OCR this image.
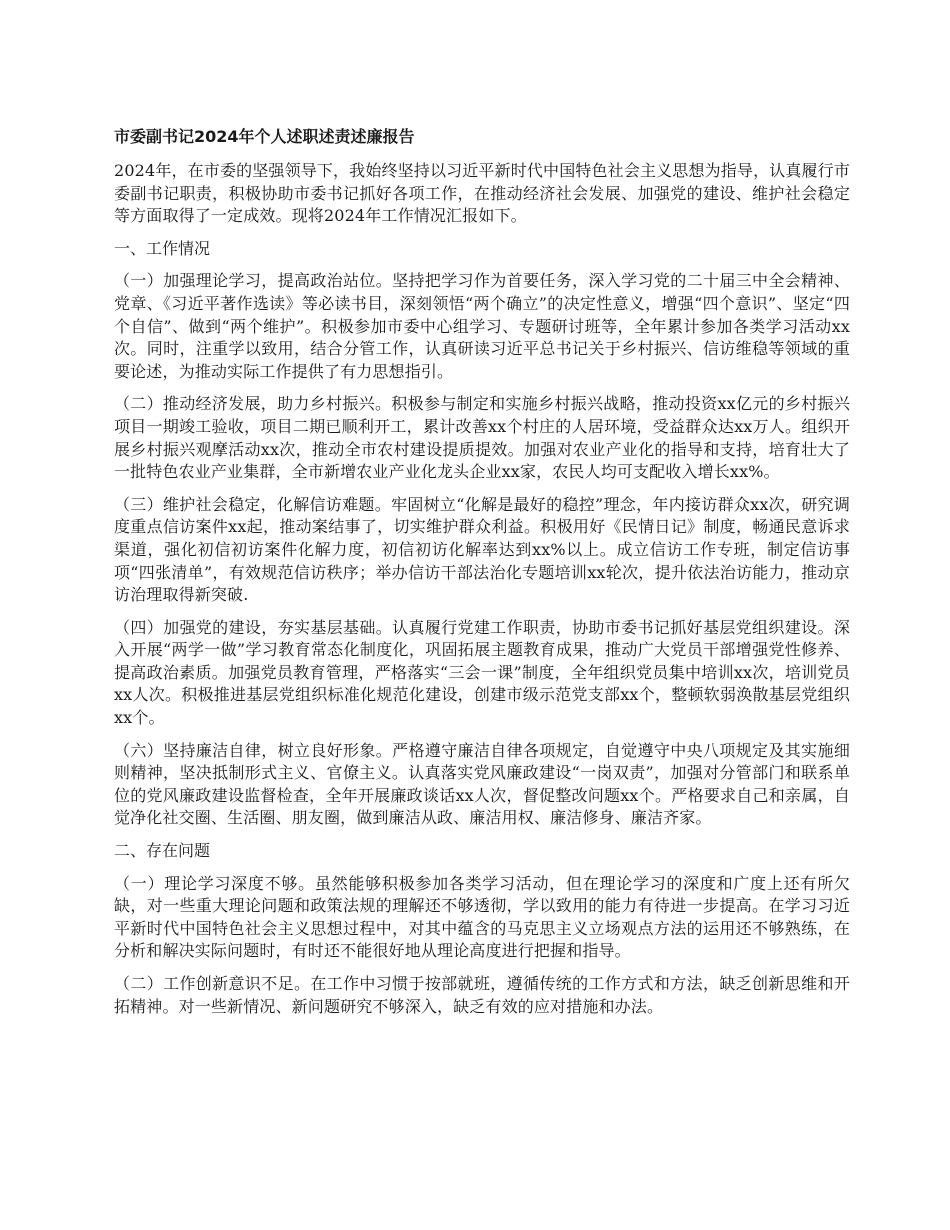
市委副书记2024年个人述职述责述廉报告

2024年，在市委的坚强领导下，我始终坚持以习近平新时代中国特色社会主义思想为指导，认真履行市委副书记职责，积极协助市委书记抓好各项工作，在推动经济社会发展、加强党的建设、维护社会稳定等方面取得了一定成效。现将2024年工作情况汇报如下。

一、工作情况

（一）加强理论学习，提高政治站位。坚持把学习作为首要任务，深入学习党的二十届三中全会精神、党章、《习近平著作选读》等必读书目，深刻领悟“两个确立”的决定性意义，增强“四个意识”、坚定“四个自信”、做到“两个维护”。积极参加市委中心组学习、专题研讨班等，全年累计参加各类学习活动xx次。同时，注重学以致用，结合分管工作，认真研读习近平总书记关于乡村振兴、信访维稳等领域的重要论述，为推动实际工作提供了有力思想指引。

（二）推动经济发展，助力乡村振兴。积极参与制定和实施乡村振兴战略，推动投资xx亿元的乡村振兴项目一期竣工验收，项目二期已顺利开工，累计改善xx个村庄的人居环境，受益群众达xx万人。组织开展乡村振兴观摩活动xx次，推动全市农村建设提质提效。加强对农业产业化的指导和支持，培育壮大了一批特色农业产业集群，全市新增农业产业化龙头企业xx家，农民人均可支配收入增长xx%。

（三）维护社会稳定，化解信访难题。牢固树立“化解是最好的稳控”理念，年内接访群众xx次，研究调度重点信访案件xx起，推动案结事了，切实维护群众利益。积极用好《民情日记》制度，畅通民意诉求渠道，强化初信初访案件化解力度，初信初访化解率达到xx%以上。成立信访工作专班，制定信访事项“四张清单”，有效规范信访秩序；举办信访干部法治化专题培训xx轮次，提升依法治访能力，推动京访治理取得新突破.

（四）加强党的建设，夯实基层基础。认真履行党建工作职责，协助市委书记抓好基层党组织建设。深入开展“两学一做”学习教育常态化制度化，巩固拓展主题教育成果，推动广大党员干部增强党性修养、提高政治素质。加强党员教育管理，严格落实“三会一课”制度，全年组织党员集中培训xx次，培训党员xx人次。积极推进基层党组织标准化规范化建设，创建市级示范党支部xx个，整顿软弱涣散基层党组织xx个。

（六）坚持廉洁自律，树立良好形象。严格遵守廉洁自律各项规定，自觉遵守中央八项规定及其实施细则精神，坚决抵制形式主义、官僚主义。认真落实党风廉政建设“一岗双责”，加强对分管部门和联系单位的党风廉政建设监督检查，全年开展廉政谈话xx人次，督促整改问题xx个。严格要求自己和亲属，自觉净化社交圈、生活圈、朋友圈，做到廉洁从政、廉洁用权、廉洁修身、廉洁齐家。

二、存在问题

（一）理论学习深度不够。虽然能够积极参加各类学习活动，但在理论学习的深度和广度上还有所欠缺，对一些重大理论问题和政策法规的理解还不够透彻，学以致用的能力有待进一步提高。在学习习近平新时代中国特色社会主义思想过程中，对其中蕴含的马克思主义立场观点方法的运用还不够熟练，在分析和解决实际问题时，有时还不能很好地从理论高度进行把握和指导。

（二）工作创新意识不足。在工作中习惯于按部就班，遵循传统的工作方式和方法，缺乏创新思维和开拓精神。对一些新情况、新问题研究不够深入，缺乏有效的应对措施和办法。
